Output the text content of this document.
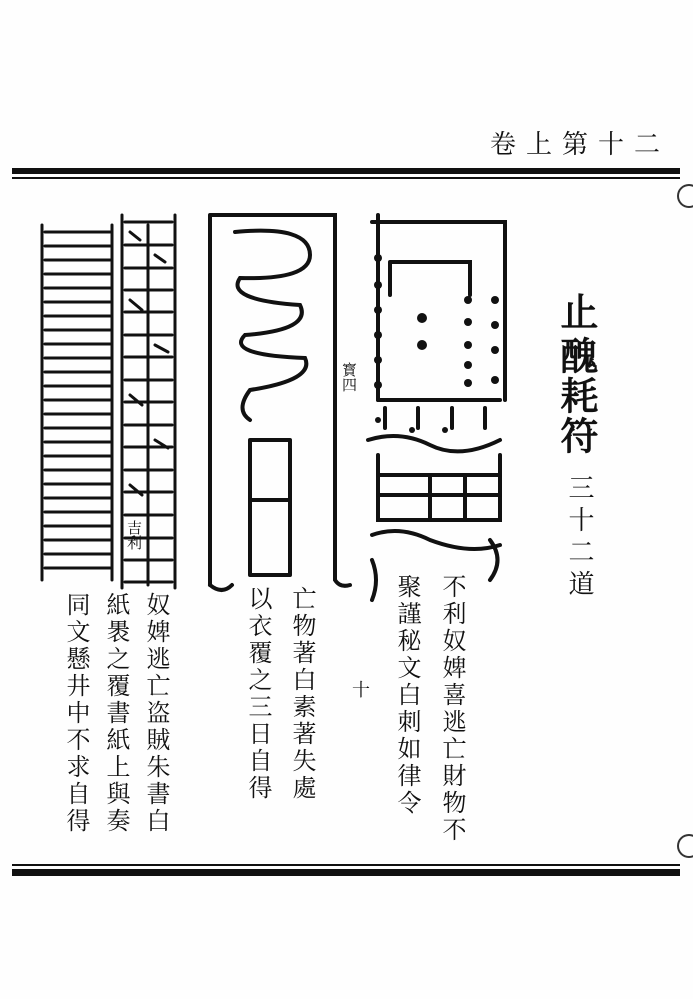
卷上第十二
止
醜耗符
三十二道
寳四
吉利
不利奴婢喜逃亡財物不
聚謹秘文白刺如律令
亡物著白素著失處
以衣覆之三日自得
奴婢逃亡盗賊朱書白
紙褁之覆書紙上與奏
同文懸井中不求自得	十
